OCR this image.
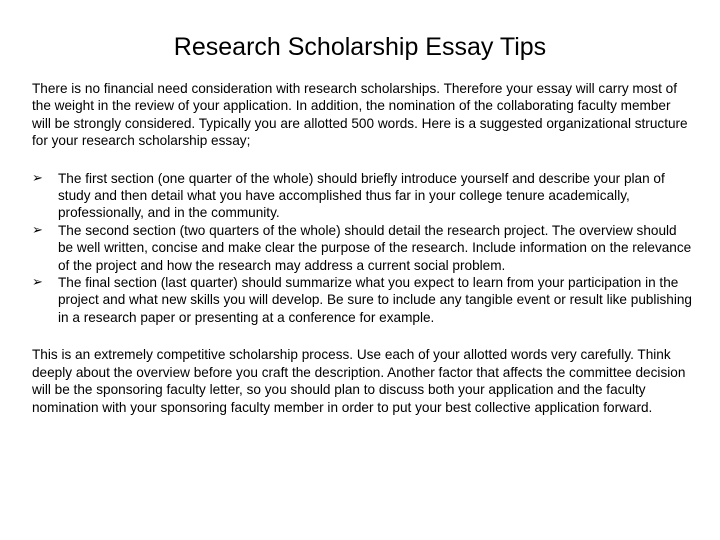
Research Scholarship Essay Tips

There is no financial need consideration with research scholarships. Therefore your essay will carry most of the weight in the review of your application. In addition, the nomination of the collaborating faculty member will be strongly considered. Typically you are allotted 500 words. Here is a suggested organizational structure for your research scholarship essay;

➢ The first section (one quarter of the whole) should briefly introduce yourself and describe your plan of study and then detail what you have accomplished thus far in your college tenure academically, professionally, and in the community.
➢ The second section (two quarters of the whole) should detail the research project. The overview should be well written, concise and make clear the purpose of the research. Include information on the relevance of the project and how the research may address a current social problem.
➢ The final section (last quarter) should summarize what you expect to learn from your participation in the project and what new skills you will develop. Be sure to include any tangible event or result like publishing in a research paper or presenting at a conference for example.

This is an extremely competitive scholarship process. Use each of your allotted words very carefully. Think deeply about the overview before you craft the description. Another factor that affects the committee decision will be the sponsoring faculty letter, so you should plan to discuss both your application and the faculty nomination with your sponsoring faculty member in order to put your best collective application forward.
